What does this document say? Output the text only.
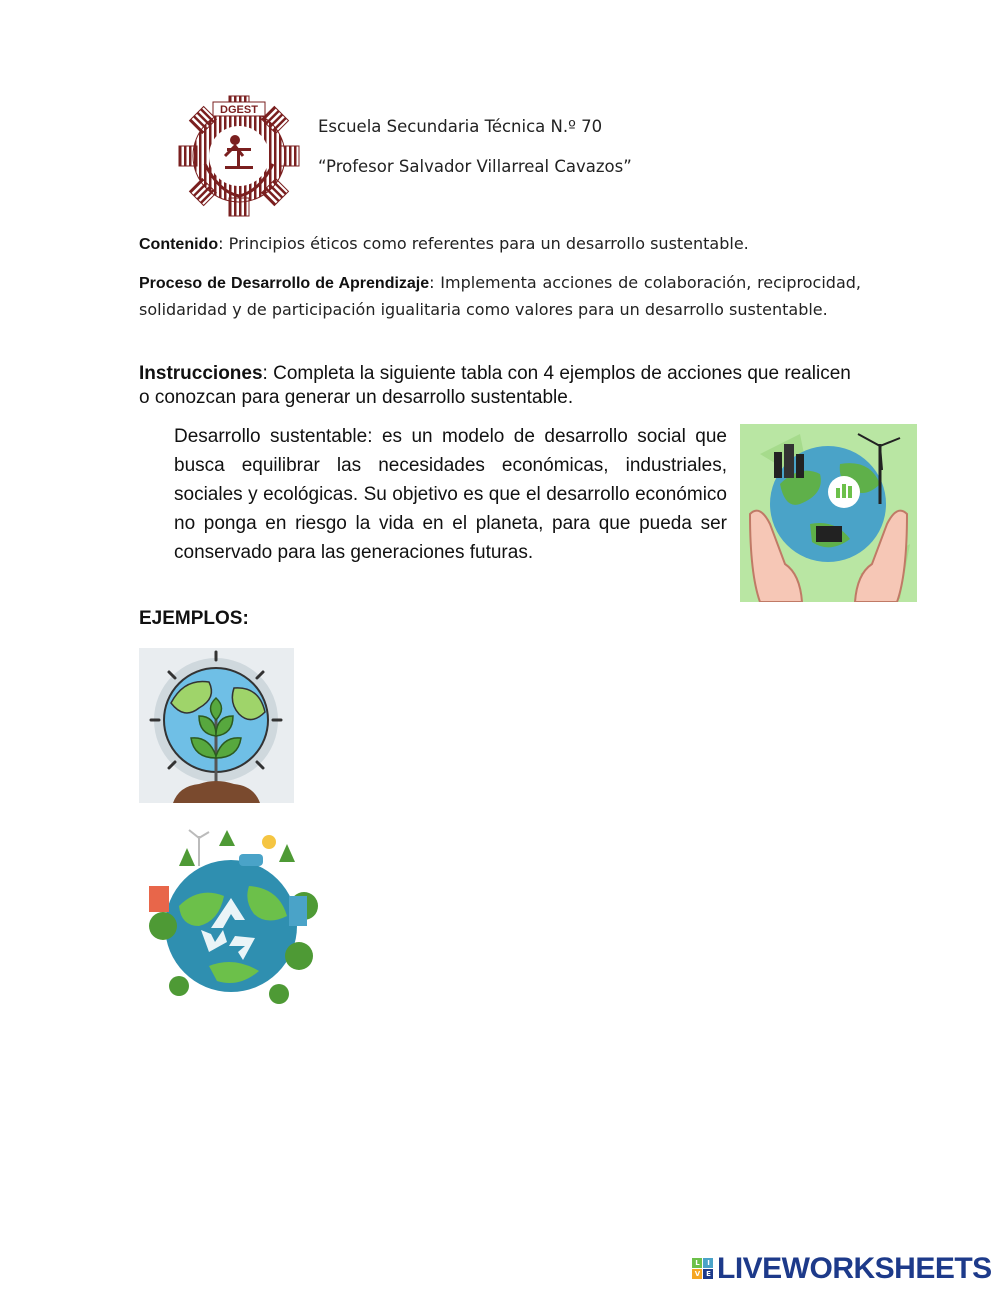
DGEST
Escuela Secundaria Técnica N.º 70
“Profesor Salvador Villarreal Cavazos”
Contenido: Principios éticos como referentes para un desarrollo sustentable.
Proceso de Desarrollo de Aprendizaje: Implementa acciones de colaboración, reciprocidad, solidaridad y de participación igualitaria como valores para un desarrollo sustentable.
Instrucciones: Completa la siguiente tabla con 4 ejemplos de acciones que realicen o conozcan para generar un desarrollo sustentable.
Desarrollo sustentable: es un modelo de desarrollo social que busca equilibrar las necesidades económicas, industriales, sociales y ecológicas. Su objetivo es que el desarrollo económico no ponga en riesgo la vida en el planeta, para que pueda ser conservado para las generaciones futuras.
EJEMPLOS:
L	I
V E LIVEWORKSHEETS
